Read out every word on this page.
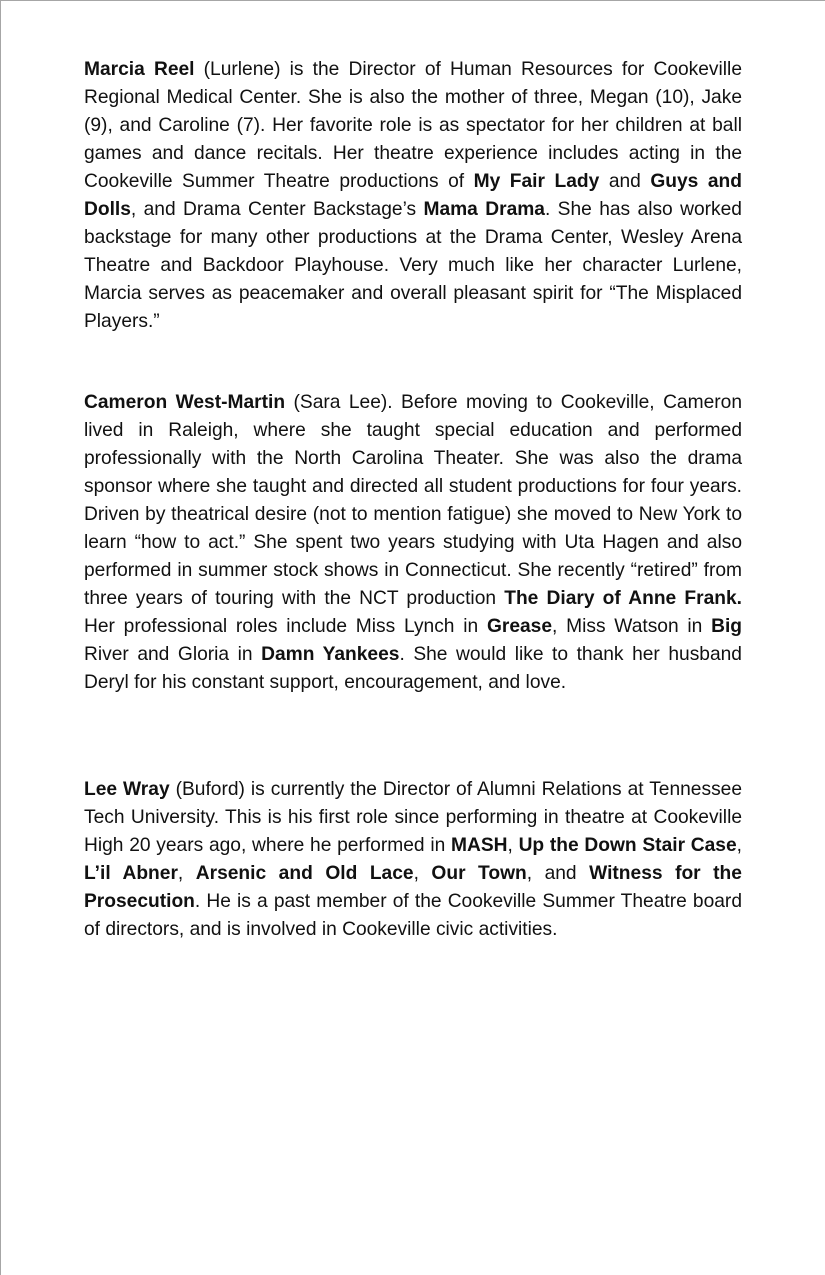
Marcia Reel (Lurlene) is the Director of Human Resources for Cookeville Regional Medical Center. She is also the mother of three, Megan (10), Jake (9), and Caroline (7). Her favorite role is as spectator for her children at ball games and dance recitals. Her theatre experience includes acting in the Cookeville Summer Theatre productions of My Fair Lady and Guys and Dolls, and Drama Center Backstage’s Mama Drama. She has also worked backstage for many other productions at the Drama Center, Wesley Arena Theatre and Backdoor Playhouse. Very much like her character Lurlene, Marcia serves as peacemaker and overall pleasant spirit for “The Misplaced Players.”

Cameron West-Martin (Sara Lee). Before moving to Cookeville, Cameron lived in Raleigh, where she taught special education and performed professionally with the North Carolina Theater. She was also the drama sponsor where she taught and directed all student productions for four years. Driven by theatrical desire (not to mention fatigue) she moved to New York to learn “how to act.” She spent two years studying with Uta Hagen and also performed in summer stock shows in Connecticut. She recently “retired” from three years of touring with the NCT production The Diary of Anne Frank. Her professional roles include Miss Lynch in Grease, Miss Watson in Big River and Gloria in Damn Yankees. She would like to thank her husband Deryl for his constant support, encouragement, and love.

Lee Wray (Buford) is currently the Director of Alumni Relations at Tennessee Tech University. This is his first role since performing in theatre at Cookeville High 20 years ago, where he performed in MASH, Up the Down Stair Case, L’il Abner, Arsenic and Old Lace, Our Town, and Witness for the Prosecution. He is a past member of the Cookeville Summer Theatre board of directors, and is involved in Cookeville civic activities.
